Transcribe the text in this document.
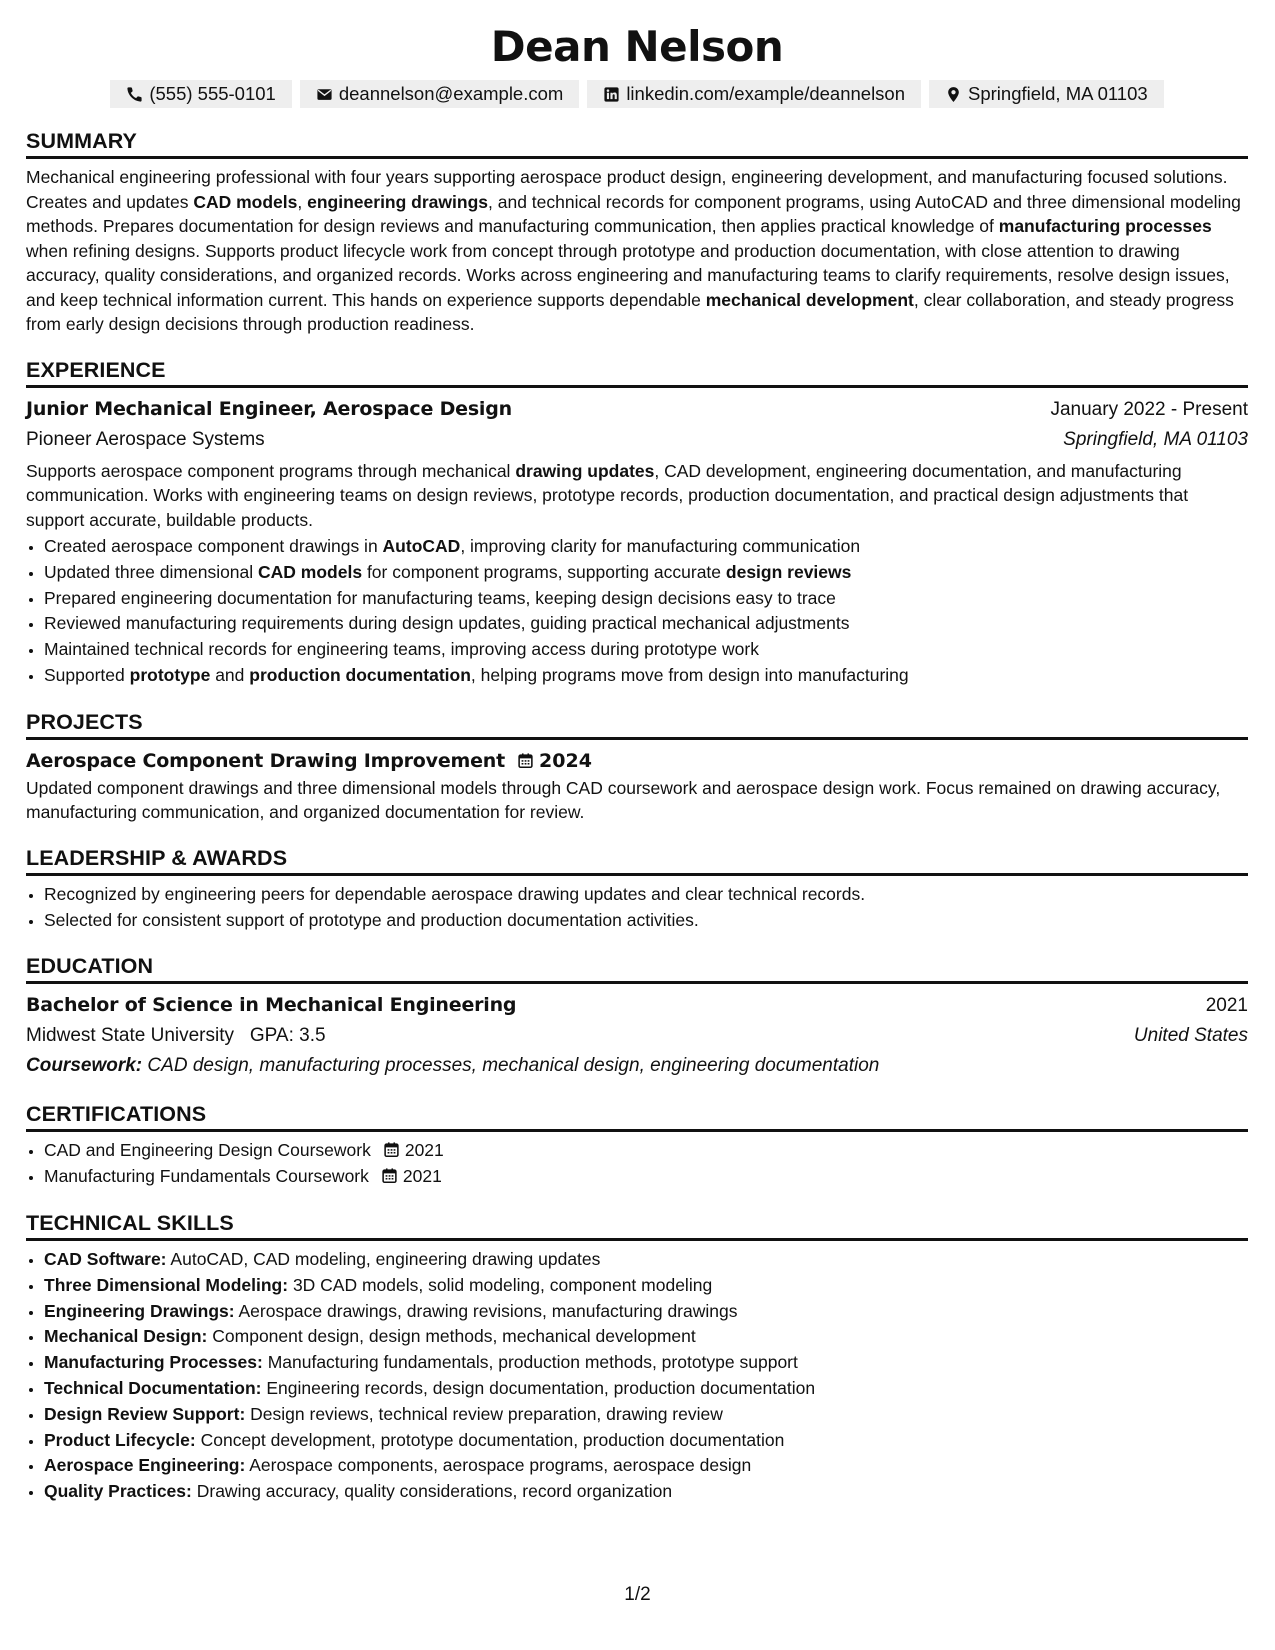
Dean Nelson
(555) 555-0101	deannelson@example.com	linkedin.com/example/deannelson	Springfield, MA 01103
SUMMARY

Mechanical engineering professional with four years supporting aerospace product design, engineering development, and manufacturing focused solutions. Creates and updates CAD models, engineering drawings, and technical records for component programs, using AutoCAD and three dimensional modeling methods. Prepares documentation for design reviews and manufacturing communication, then applies practical knowledge of manufacturing processes when refining designs. Supports product lifecycle work from concept through prototype and production documentation, with close attention to drawing accuracy, quality considerations, and organized records. Works across engineering and manufacturing teams to clarify requirements, resolve design issues, and keep technical information current. This hands on experience supports dependable mechanical development, clear collaboration, and steady progress from early design decisions through production readiness.

EXPERIENCE
Junior Mechanical Engineer, Aerospace Design	January 2022 - Present
Pioneer Aerospace Systems	Springfield, MA 01103

Supports aerospace component programs through mechanical drawing updates, CAD development, engineering documentation, and manufacturing communication. Works with engineering teams on design reviews, prototype records, production documentation, and practical design adjustments that support accurate, buildable products.

• Created aerospace component drawings in AutoCAD, improving clarity for manufacturing communication
• Updated three dimensional CAD models for component programs, supporting accurate design reviews
• Prepared engineering documentation for manufacturing teams, keeping design decisions easy to trace
• Reviewed manufacturing requirements during design updates, guiding practical mechanical adjustments
• Maintained technical records for engineering teams, improving access during prototype work
• Supported prototype and production documentation, helping programs move from design into manufacturing
PROJECTS
Aerospace Component Drawing Improvement 2024

Updated component drawings and three dimensional models through CAD coursework and aerospace design work. Focus remained on drawing accuracy, manufacturing communication, and organized documentation for review.

LEADERSHIP & AWARDS
• Recognized by engineering peers for dependable aerospace drawing updates and clear technical records.
• Selected for consistent support of prototype and production documentation activities.
EDUCATION
Bachelor of Science in Mechanical Engineering	2021
Midwest State University GPA: 3.5	United States
Coursework: CAD design, manufacturing processes, mechanical design, engineering documentation
CERTIFICATIONS
• CAD and Engineering Design Coursework 2021
• Manufacturing Fundamentals Coursework 2021
TECHNICAL SKILLS
• CAD Software: AutoCAD, CAD modeling, engineering drawing updates
• Three Dimensional Modeling: 3D CAD models, solid modeling, component modeling
• Engineering Drawings: Aerospace drawings, drawing revisions, manufacturing drawings
• Mechanical Design: Component design, design methods, mechanical development
• Manufacturing Processes: Manufacturing fundamentals, production methods, prototype support
• Technical Documentation: Engineering records, design documentation, production documentation
• Design Review Support: Design reviews, technical review preparation, drawing review
• Product Lifecycle: Concept development, prototype documentation, production documentation
• Aerospace Engineering: Aerospace components, aerospace programs, aerospace design
• Quality Practices: Drawing accuracy, quality considerations, record organization
1/2
